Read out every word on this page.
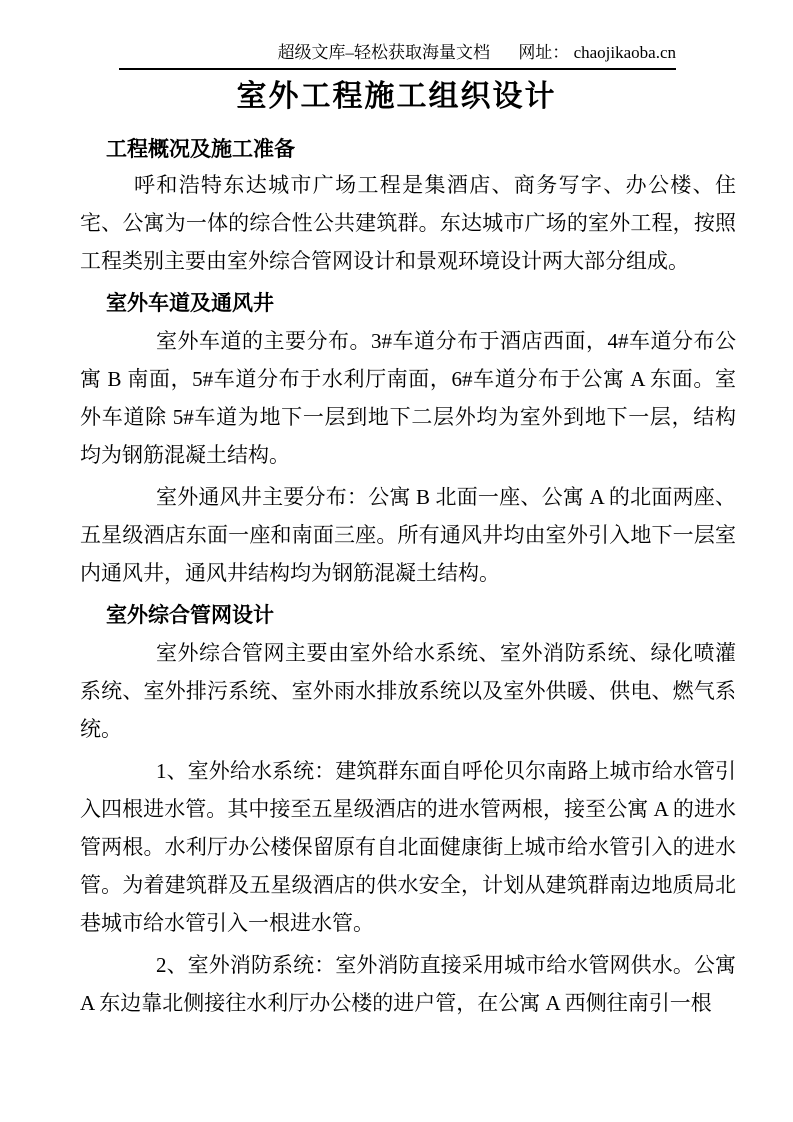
超级文库–轻松获取海量文档 网址： chaojikaoba.cn
室外工程施工组织设计
工程概况及施工准备

呼和浩特东达城市广场工程是集酒店、商务写字、办公楼、住宅、公寓为一体的综合性公共建筑群。东达城市广场的室外工程，按照工程类别主要由室外综合管网设计和景观环境设计两大部分组成。

室外车道及通风井

室外车道的主要分布。3#车道分布于酒店西面，4#车道分布公寓 B 南面，5#车道分布于水利厅南面，6#车道分布于公寓 A 东面。室外车道除 5#车道为地下一层到地下二层外均为室外到地下一层，结构均为钢筋混凝土结构。

室外通风井主要分布：公寓 B 北面一座、公寓 A 的北面两座、五星级酒店东面一座和南面三座。所有通风井均由室外引入地下一层室内通风井，通风井结构均为钢筋混凝土结构。

室外综合管网设计

室外综合管网主要由室外给水系统、室外消防系统、绿化喷灌系统、室外排污系统、室外雨水排放系统以及室外供暖、供电、燃气系统。

1、室外给水系统：建筑群东面自呼伦贝尔南路上城市给水管引入四根进水管。其中接至五星级酒店的进水管两根，接至公寓 A 的进水管两根。水利厅办公楼保留原有自北面健康街上城市给水管引入的进水管。为着建筑群及五星级酒店的供水安全，计划从建筑群南边地质局北巷城市给水管引入一根进水管。

2、室外消防系统：室外消防直接采用城市给水管网供水。公寓 A 东边靠北侧接往水利厅办公楼的进户管，在公寓 A 西侧往南引一根
